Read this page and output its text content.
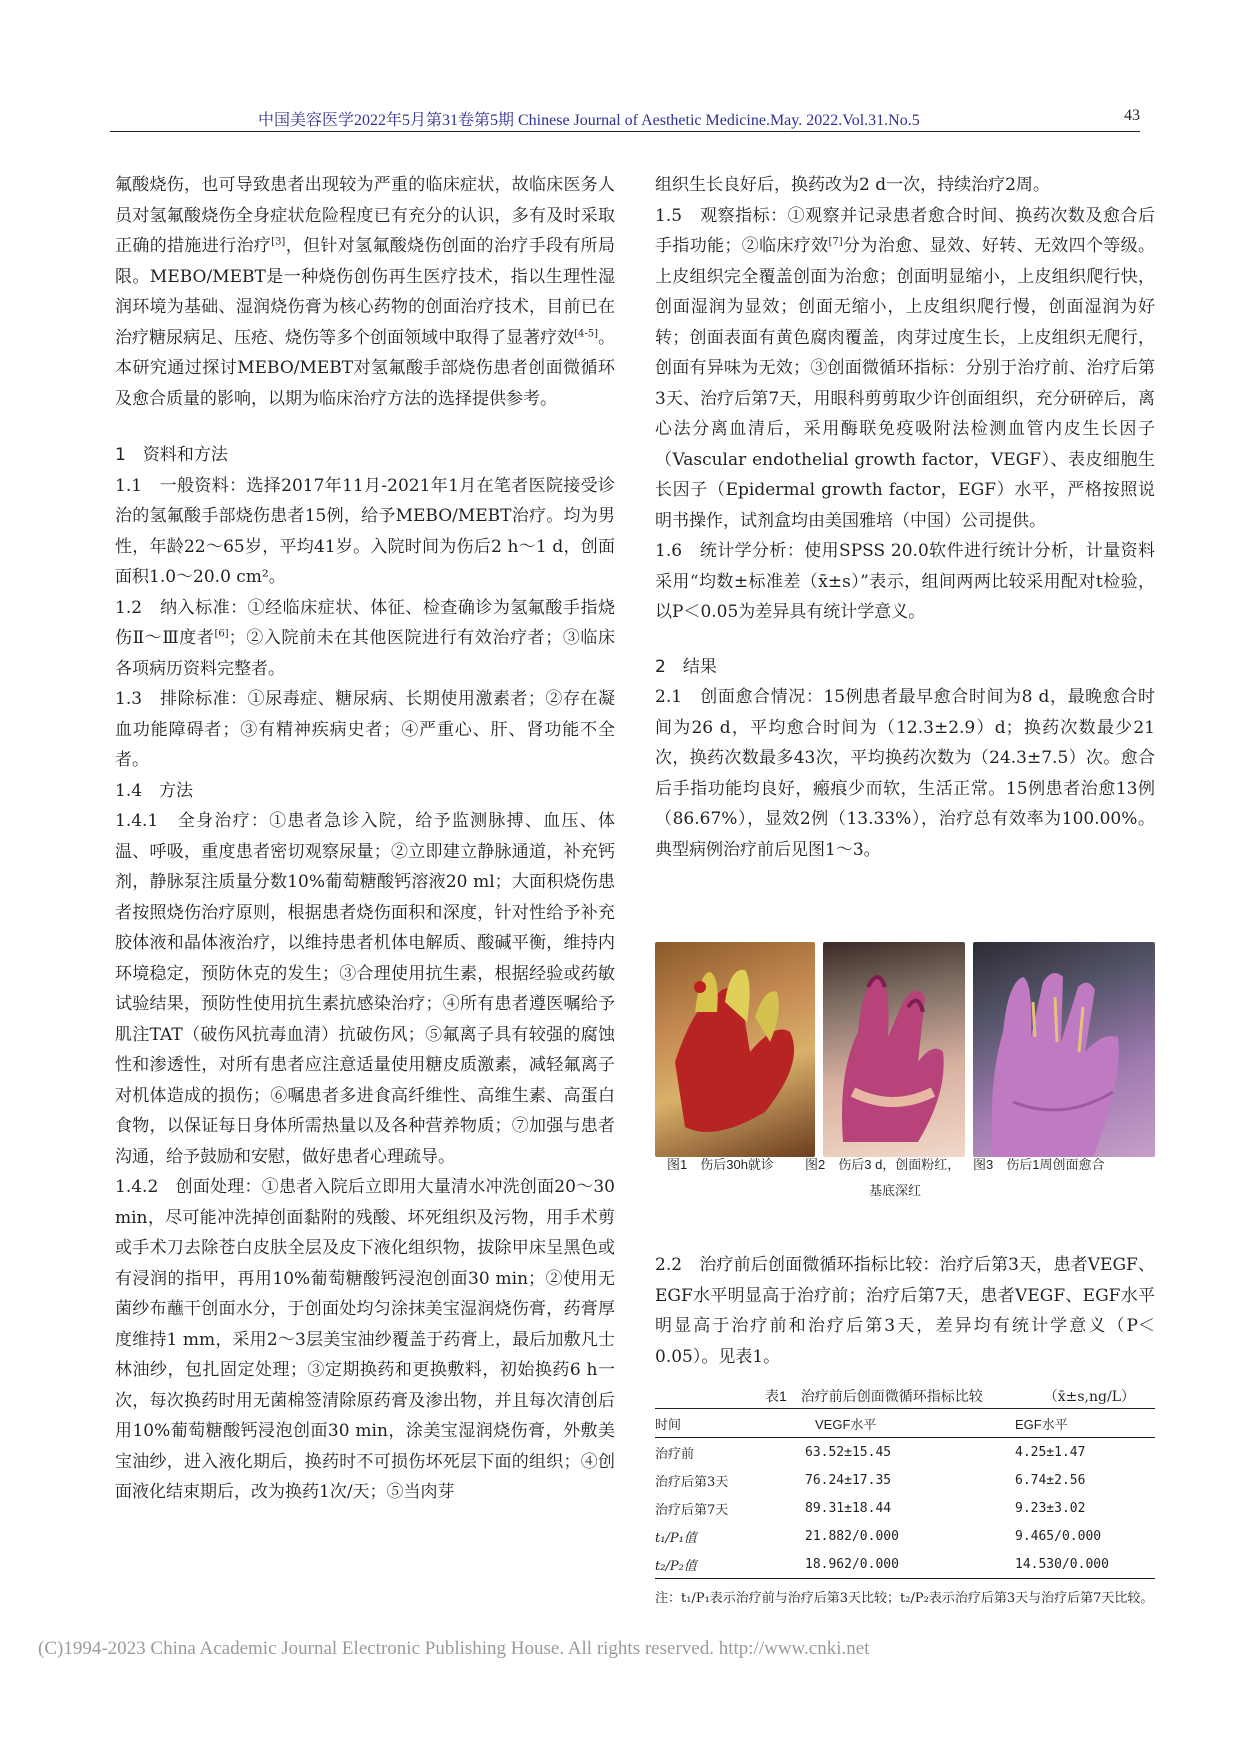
中国美容医学2022年5月第31卷第5期 Chinese Journal of Aesthetic Medicine.May. 2022.Vol.31.No.5	43

氟酸烧伤，也可导致患者出现较为严重的临床症状，故临床医务人员对氢氟酸烧伤全身症状危险程度已有充分的认识，多有及时采取正确的措施进行治疗[3]，但针对氢氟酸烧伤创面的治疗手段有所局限。MEBO/MEBT是一种烧伤创伤再生医疗技术，指以生理性湿润环境为基础、湿润烧伤膏为核心药物的创面治疗技术，目前已在治疗糖尿病足、压疮、烧伤等多个创面领域中取得了显著疗效[4-5]。本研究通过探讨MEBO/MEBT对氢氟酸手部烧伤患者创面微循环及愈合质量的影响，以期为临床治疗方法的选择提供参考。

1　资料和方法

1.1　一般资料：选择2017年11月-2021年1月在笔者医院接受诊治的氢氟酸手部烧伤患者15例，给予MEBO/MEBT治疗。均为男性，年龄22～65岁，平均41岁。入院时间为伤后2 h～1 d，创面面积1.0～20.0 cm²。

1.2　纳入标准：①经临床症状、体征、检查确诊为氢氟酸手指烧伤Ⅱ～Ⅲ度者[6]；②入院前未在其他医院进行有效治疗者；③临床各项病历资料完整者。

1.3　排除标准：①尿毒症、糖尿病、长期使用激素者；②存在凝血功能障碍者；③有精神疾病史者；④严重心、肝、肾功能不全者。

1.4　方法

1.4.1　全身治疗：①患者急诊入院，给予监测脉搏、血压、体温、呼吸，重度患者密切观察尿量；②立即建立静脉通道，补充钙剂，静脉泵注质量分数10%葡萄糖酸钙溶液20 ml；大面积烧伤患者按照烧伤治疗原则，根据患者烧伤面积和深度，针对性给予补充胶体液和晶体液治疗，以维持患者机体电解质、酸碱平衡，维持内环境稳定，预防休克的发生；③合理使用抗生素，根据经验或药敏试验结果，预防性使用抗生素抗感染治疗；④所有患者遵医嘱给予肌注TAT（破伤风抗毒血清）抗破伤风；⑤氟离子具有较强的腐蚀性和渗透性，对所有患者应注意适量使用糖皮质激素，减轻氟离子对机体造成的损伤；⑥嘱患者多进食高纤维性、高维生素、高蛋白食物，以保证每日身体所需热量以及各种营养物质；⑦加强与患者沟通，给予鼓励和安慰，做好患者心理疏导。

1.4.2　创面处理：①患者入院后立即用大量清水冲洗创面20～30 min，尽可能冲洗掉创面黏附的残酸、坏死组织及污物，用手术剪或手术刀去除苍白皮肤全层及皮下液化组织物，拔除甲床呈黑色或有浸润的指甲，再用10%葡萄糖酸钙浸泡创面30 min；②使用无菌纱布蘸干创面水分，于创面处均匀涂抹美宝湿润烧伤膏，药膏厚度维持1 mm，采用2～3层美宝油纱覆盖于药膏上，最后加敷凡士林油纱，包扎固定处理；③定期换药和更换敷料，初始换药6 h一次，每次换药时用无菌棉签清除原药膏及渗出物，并且每次清创后用10%葡萄糖酸钙浸泡创面30 min，涂美宝湿润烧伤膏，外敷美宝油纱，进入液化期后，换药时不可损伤坏死层下面的组织；④创面液化结束期后，改为换药1次/天；⑤当肉芽

组织生长良好后，换药改为2 d一次，持续治疗2周。

1.5　观察指标：①观察并记录患者愈合时间、换药次数及愈合后手指功能；②临床疗效[7]分为治愈、显效、好转、无效四个等级。上皮组织完全覆盖创面为治愈；创面明显缩小，上皮组织爬行快，创面湿润为显效；创面无缩小，上皮组织爬行慢，创面湿润为好转；创面表面有黄色腐肉覆盖，肉芽过度生长，上皮组织无爬行，创面有异味为无效；③创面微循环指标：分别于治疗前、治疗后第3天、治疗后第7天，用眼科剪剪取少许创面组织，充分研碎后，离心法分离血清后，采用酶联免疫吸附法检测血管内皮生长因子（Vascular endothelial growth factor，VEGF）、表皮细胞生长因子（Epidermal growth factor，EGF）水平，严格按照说明书操作，试剂盒均由美国雅培（中国）公司提供。

1.6　统计学分析：使用SPSS 20.0软件进行统计分析，计量资料采用“均数±标准差（x̄±s）”表示，组间两两比较采用配对t检验，以P＜0.05为差异具有统计学意义。

2　结果

2.1　创面愈合情况：15例患者最早愈合时间为8 d，最晚愈合时间为26 d，平均愈合时间为（12.3±2.9）d；换药次数最少21次，换药次数最多43次，平均换药次数为（24.3±7.5）次。愈合后手指功能均良好，瘢痕少而软，生活正常。15例患者治愈13例（86.67%），显效2例（13.33%），治疗总有效率为100.00%。典型病例治疗前后见图1～3。

图1　伤后30h就诊 图2　伤后3 d，创面粉红， 图3　伤后1周创面愈合
基底深红

2.2　治疗前后创面微循环指标比较：治疗后第3天，患者VEGF、EGF水平明显高于治疗前；治疗后第7天，患者VEGF、EGF水平明显高于治疗前和治疗后第3天，差异均有统计学意义（P＜0.05）。见表1。

表1　治疗前后创面微循环指标比较	（x̄±s,ng/L）
时间	VEGF水平	EGF水平
治疗前	63.52±15.45	4.25±1.47
治疗后第3天	76.24±17.35	6.74±2.56
治疗后第7天	89.31±18.44	9.23±3.02
t₁/P₁值	21.882/0.000	9.465/0.000
t₂/P₂值	18.962/0.000	14.530/0.000
注：t₁/P₁表示治疗前与治疗后第3天比较；t₂/P₂表示治疗后第3天与治疗后第7天比较。
(C)1994-2023 China Academic Journal Electronic Publishing House. All rights reserved. http://www.cnki.net
